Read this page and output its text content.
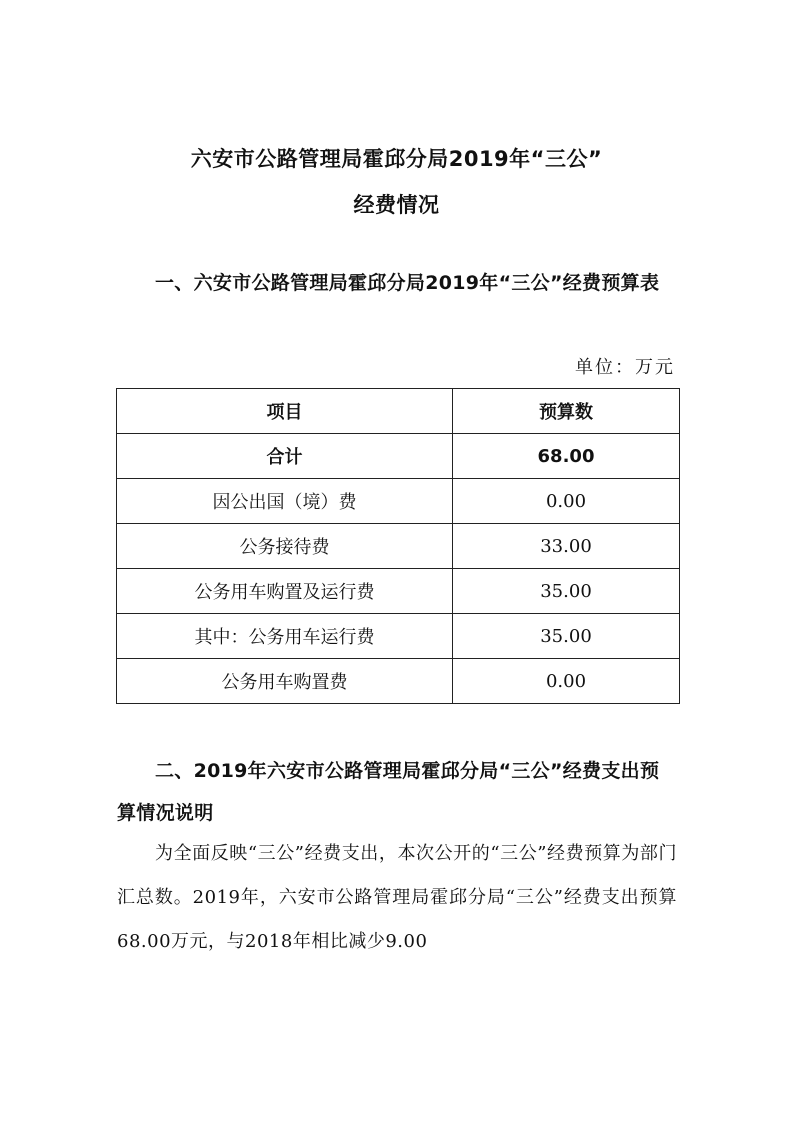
六安市公路管理局霍邱分局2019年“三公”
经费情况
一、六安市公路管理局霍邱分局2019年“三公”经费预算表
单位：万元
项目	预算数
合计	68.00
因公出国（境）费	0.00
公务接待费	33.00
公务用车购置及运行费	35.00
其中：公务用车运行费	35.00
公务用车购置费	0.00
二、2019年六安市公路管理局霍邱分局“三公”经费支出预算情况说明
为全面反映“三公”经费支出，本次公开的“三公”经费预算为部门汇总数。2019年，六安市公路管理局霍邱分局“三公”经费支出预算68.00万元，与2018年相比减少9.00
